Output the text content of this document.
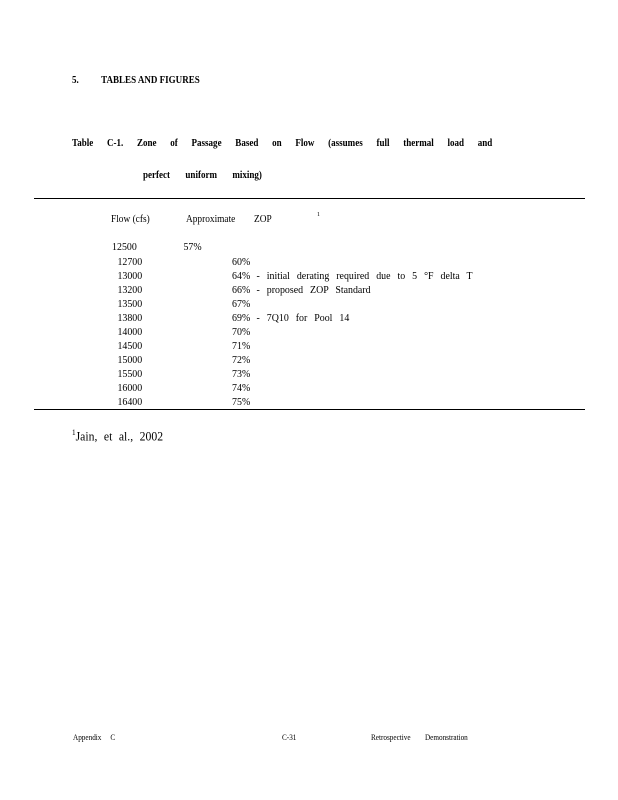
5. TABLES AND FIGURES
Table C-1. Zone of Passage Based on Flow (assumes full thermal load and
perfect uniform mixing)
Flow (cfs)	Approximate ZOP	1
12500	57%
12700	60%
13000	64% - initial derating required due to 5 °F delta T
13200	66% - proposed ZOP Standard
13500	67%
13800	69% - 7Q10 for Pool 14
14000	70%
14500	71%
15000	72%
15500	73%
16000	74%
16400	75%
$^1$Jain, et al., 2002
Appendix C	C-31	Retrospective Demonstration
